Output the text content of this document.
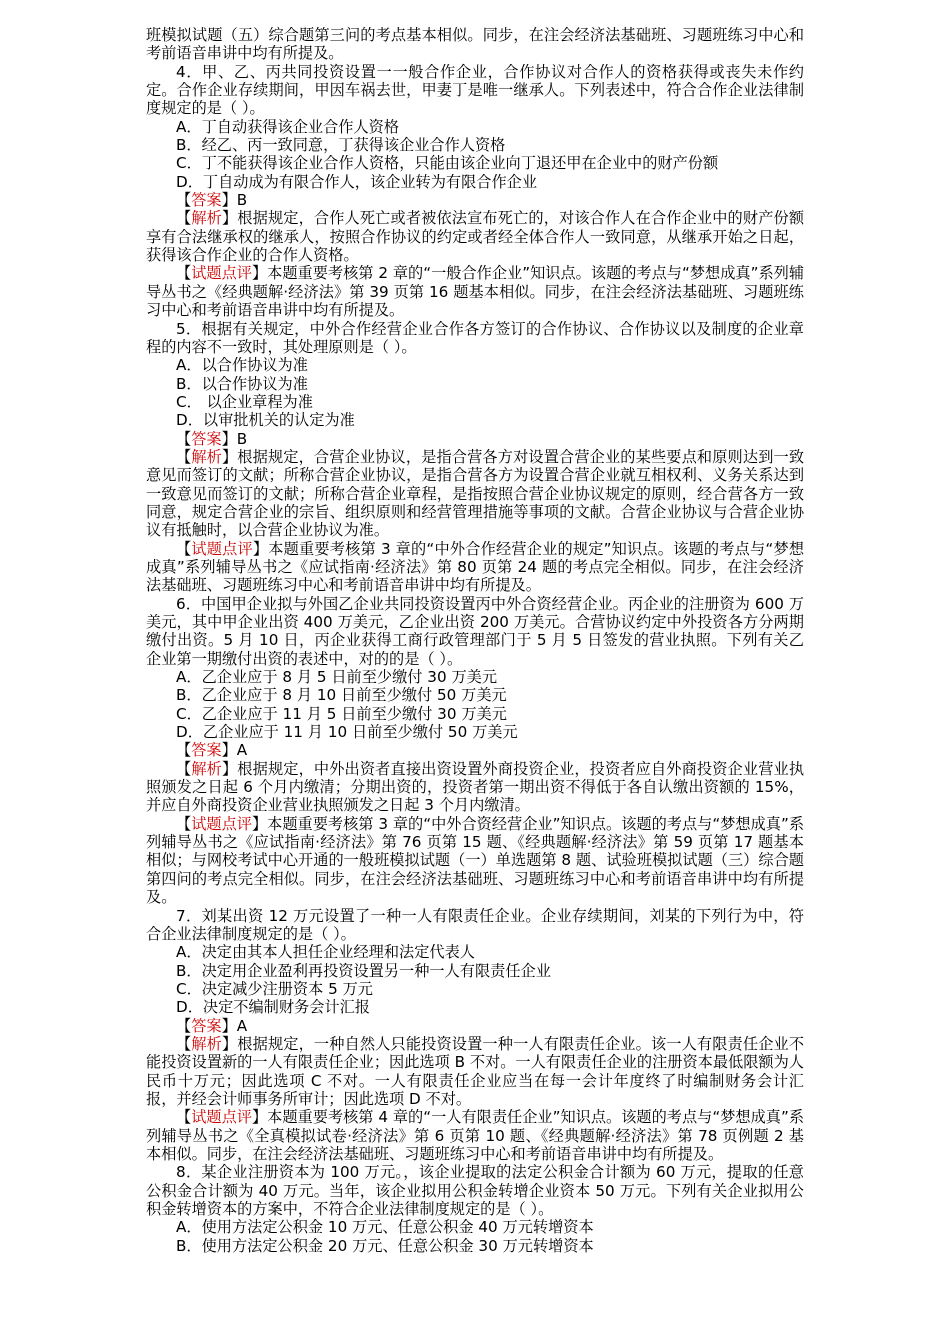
班模拟试题（五）综合题第三问的考点基本相似。同步，在注会经济法基础班、习题班练习中心和考前语音串讲中均有所提及。

4．甲、乙、丙共同投资设置一一般合作企业，合作协议对合作人的资格获得或丧失未作约定。合作企业存续期间，甲因车祸去世，甲妻丁是唯一继承人。下列表述中，符合合作企业法律制度规定的是（ ）。

A．丁自动获得该企业合作人资格

B．经乙、丙一致同意，丁获得该企业合作人资格

C．丁不能获得该企业合作人资格，只能由该企业向丁退还甲在企业中的财产份额

D．丁自动成为有限合作人，该企业转为有限合作企业

【答案】B

【解析】根据规定，合作人死亡或者被依法宣布死亡的，对该合作人在合作企业中的财产份额享有合法继承权的继承人，按照合作协议的约定或者经全体合作人一致同意，从继承开始之日起，获得该合作企业的合作人资格。

【试题点评】本题重要考核第 2 章的“一般合作企业”知识点。该题的考点与“梦想成真”系列辅导丛书之《经典题解·经济法》第 39 页第 16 题基本相似。同步，在注会经济法基础班、习题班练习中心和考前语音串讲中均有所提及。

5．根据有关规定，中外合作经营企业合作各方签订的合作协议、合作协议以及制度的企业章程的内容不一致时，其处理原则是（ ）。

A．以合作协议为准

B．以合作协议为准

C． 以企业章程为准

D．以审批机关的认定为准

【答案】B

【解析】根据规定，合营企业协议，是指合营各方对设置合营企业的某些要点和原则达到一致意见而签订的文献；所称合营企业协议，是指合营各方为设置合营企业就互相权利、义务关系达到一致意见而签订的文献；所称合营企业章程，是指按照合营企业协议规定的原则，经合营各方一致同意，规定合营企业的宗旨、组织原则和经营管理措施等事项的文献。合营企业协议与合营企业协议有抵触时，以合营企业协议为准。

【试题点评】本题重要考核第 3 章的“中外合作经营企业的规定”知识点。该题的考点与“梦想成真”系列辅导丛书之《应试指南·经济法》第 80 页第 24 题的考点完全相似。同步，在注会经济法基础班、习题班练习中心和考前语音串讲中均有所提及。

6．中国甲企业拟与外国乙企业共同投资设置丙中外合资经营企业。丙企业的注册资为 600 万美元，其中甲企业出资 400 万美元，乙企业出资 200 万美元。合营协议约定中外投资各方分两期缴付出资。5 月 10 日，丙企业获得工商行政管理部门于 5 月 5 日签发的营业执照。下列有关乙企业第一期缴付出资的表述中，对的的是（ ）。

A．乙企业应于 8 月 5 日前至少缴付 30 万美元

B．乙企业应于 8 月 10 日前至少缴付 50 万美元

C．乙企业应于 11 月 5 日前至少缴付 30 万美元

D．乙企业应于 11 月 10 日前至少缴付 50 万美元

【答案】A

【解析】根据规定，中外出资者直接出资设置外商投资企业，投资者应自外商投资企业营业执照颁发之日起 6 个月内缴清；分期出资的，投资者第一期出资不得低于各自认缴出资额的 15%，并应自外商投资企业营业执照颁发之日起 3 个月内缴清。

【试题点评】本题重要考核第 3 章的“中外合资经营企业”知识点。该题的考点与“梦想成真”系列辅导丛书之《应试指南·经济法》第 76 页第 15 题、《经典题解·经济法》第 59 页第 17 题基本相似；与网校考试中心开通的一般班模拟试题（一）单选题第 8 题、试验班模拟试题（三）综合题第四问的考点完全相似。同步，在注会经济法基础班、习题班练习中心和考前语音串讲中均有所提及。

7．刘某出资 12 万元设置了一种一人有限责任企业。企业存续期间，刘某的下列行为中，符合企业法律制度规定的是（ ）。

A．决定由其本人担任企业经理和法定代表人

B．决定用企业盈利再投资设置另一种一人有限责任企业

C．决定减少注册资本 5 万元

D．决定不编制财务会计汇报

【答案】A

【解析】根据规定，一种自然人只能投资设置一种一人有限责任企业。该一人有限责任企业不能投资设置新的一人有限责任企业；因此选项 B 不对。一人有限责任企业的注册资本最低限额为人民币十万元；因此选项 C 不对。一人有限责任企业应当在每一会计年度终了时编制财务会计汇报，并经会计师事务所审计；因此选项 D 不对。

【试题点评】本题重要考核第 4 章的“一人有限责任企业”知识点。该题的考点与“梦想成真”系列辅导丛书之《全真模拟试卷·经济法》第 6 页第 10 题、《经典题解·经济法》第 78 页例题 2 基本相似。同步，在注会经济法基础班、习题班练习中心和考前语音串讲中均有所提及。

8．某企业注册资本为 100 万元。，该企业提取的法定公积金合计额为 60 万元，提取的任意公积金合计额为 40 万元。当年，该企业拟用公积金转增企业资本 50 万元。下列有关企业拟用公积金转增资本的方案中，不符合企业法律制度规定的是（ ）。

A．使用方法定公积金 10 万元、任意公积金 40 万元转增资本

B．使用方法定公积金 20 万元、任意公积金 30 万元转增资本
